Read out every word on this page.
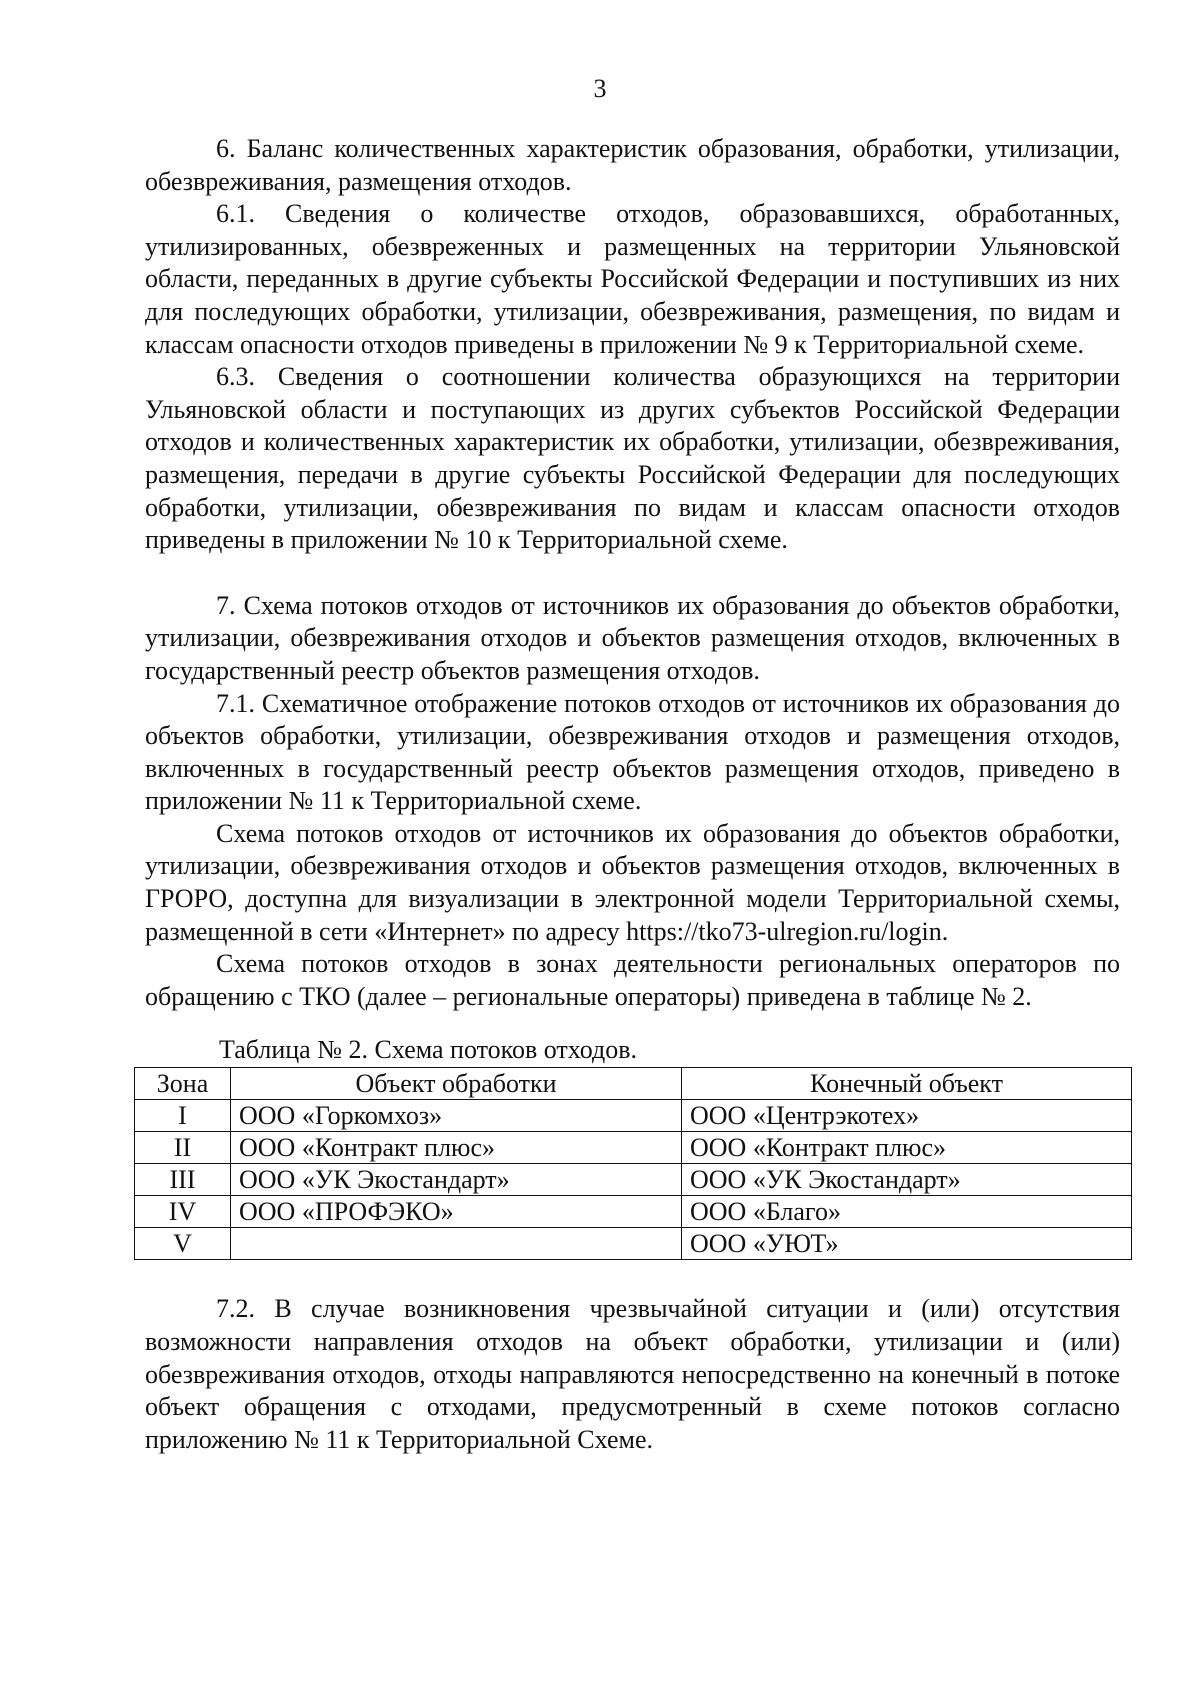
3

6. Баланс количественных характеристик образования, обработки, утилизации, обезвреживания, размещения отходов.

6.1. Сведения о количестве отходов, образовавшихся, обработанных, утилизированных, обезвреженных и размещенных на территории Ульяновской области, переданных в другие субъекты Российской Федерации и поступивших из них для последующих обработки, утилизации, обезвреживания, размещения, по видам и классам опасности отходов приведены в приложении № 9 к Территориальной схеме.

6.3. Сведения о соотношении количества образующихся на территории Ульяновской области и поступающих из других субъектов Российской Федерации отходов и количественных характеристик их обработки, утилизации, обезвреживания, размещения, передачи в другие субъекты Российской Федерации для последующих обработки, утилизации, обезвреживания по видам и классам опасности отходов приведены в приложении № 10 к Территориальной схеме.

7. Схема потоков отходов от источников их образования до объектов обработки, утилизации, обезвреживания отходов и объектов размещения отходов, включенных в государственный реестр объектов размещения отходов.

7.1. Схематичное отображение потоков отходов от источников их образования до объектов обработки, утилизации, обезвреживания отходов и размещения отходов, включенных в государственный реестр объектов размещения отходов, приведено в приложении № 11 к Территориальной схеме.

Схема потоков отходов от источников их образования до объектов обработки, утилизации, обезвреживания отходов и объектов размещения отходов, включенных в ГРОРО, доступна для визуализации в электронной модели Территориальной схемы, размещенной в сети «Интернет» по адресу https://tko73-ulregion.ru/login.

Схема потоков отходов в зонах деятельности региональных операторов по обращению с ТКО (далее – региональные операторы) приведена в таблице № 2.

Таблица № 2. Схема потоков отходов.

Зона	Объект обработки	Конечный объект
I	ООО «Горкомхоз»	ООО «Центрэкотех»
II	ООО «Контракт плюс»	ООО «Контракт плюс»
III	ООО «УК Экостандарт»	ООО «УК Экостандарт»
IV	ООО «ПРОФЭКО»	ООО «Благо»
V		ООО «УЮТ»

7.2. В случае возникновения чрезвычайной ситуации и (или) отсутствия возможности направления отходов на объект обработки, утилизации и (или) обезвреживания отходов, отходы направляются непосредственно на конечный в потоке объект обращения с отходами, предусмотренный в схеме потоков согласно приложению № 11 к Территориальной Схеме.
